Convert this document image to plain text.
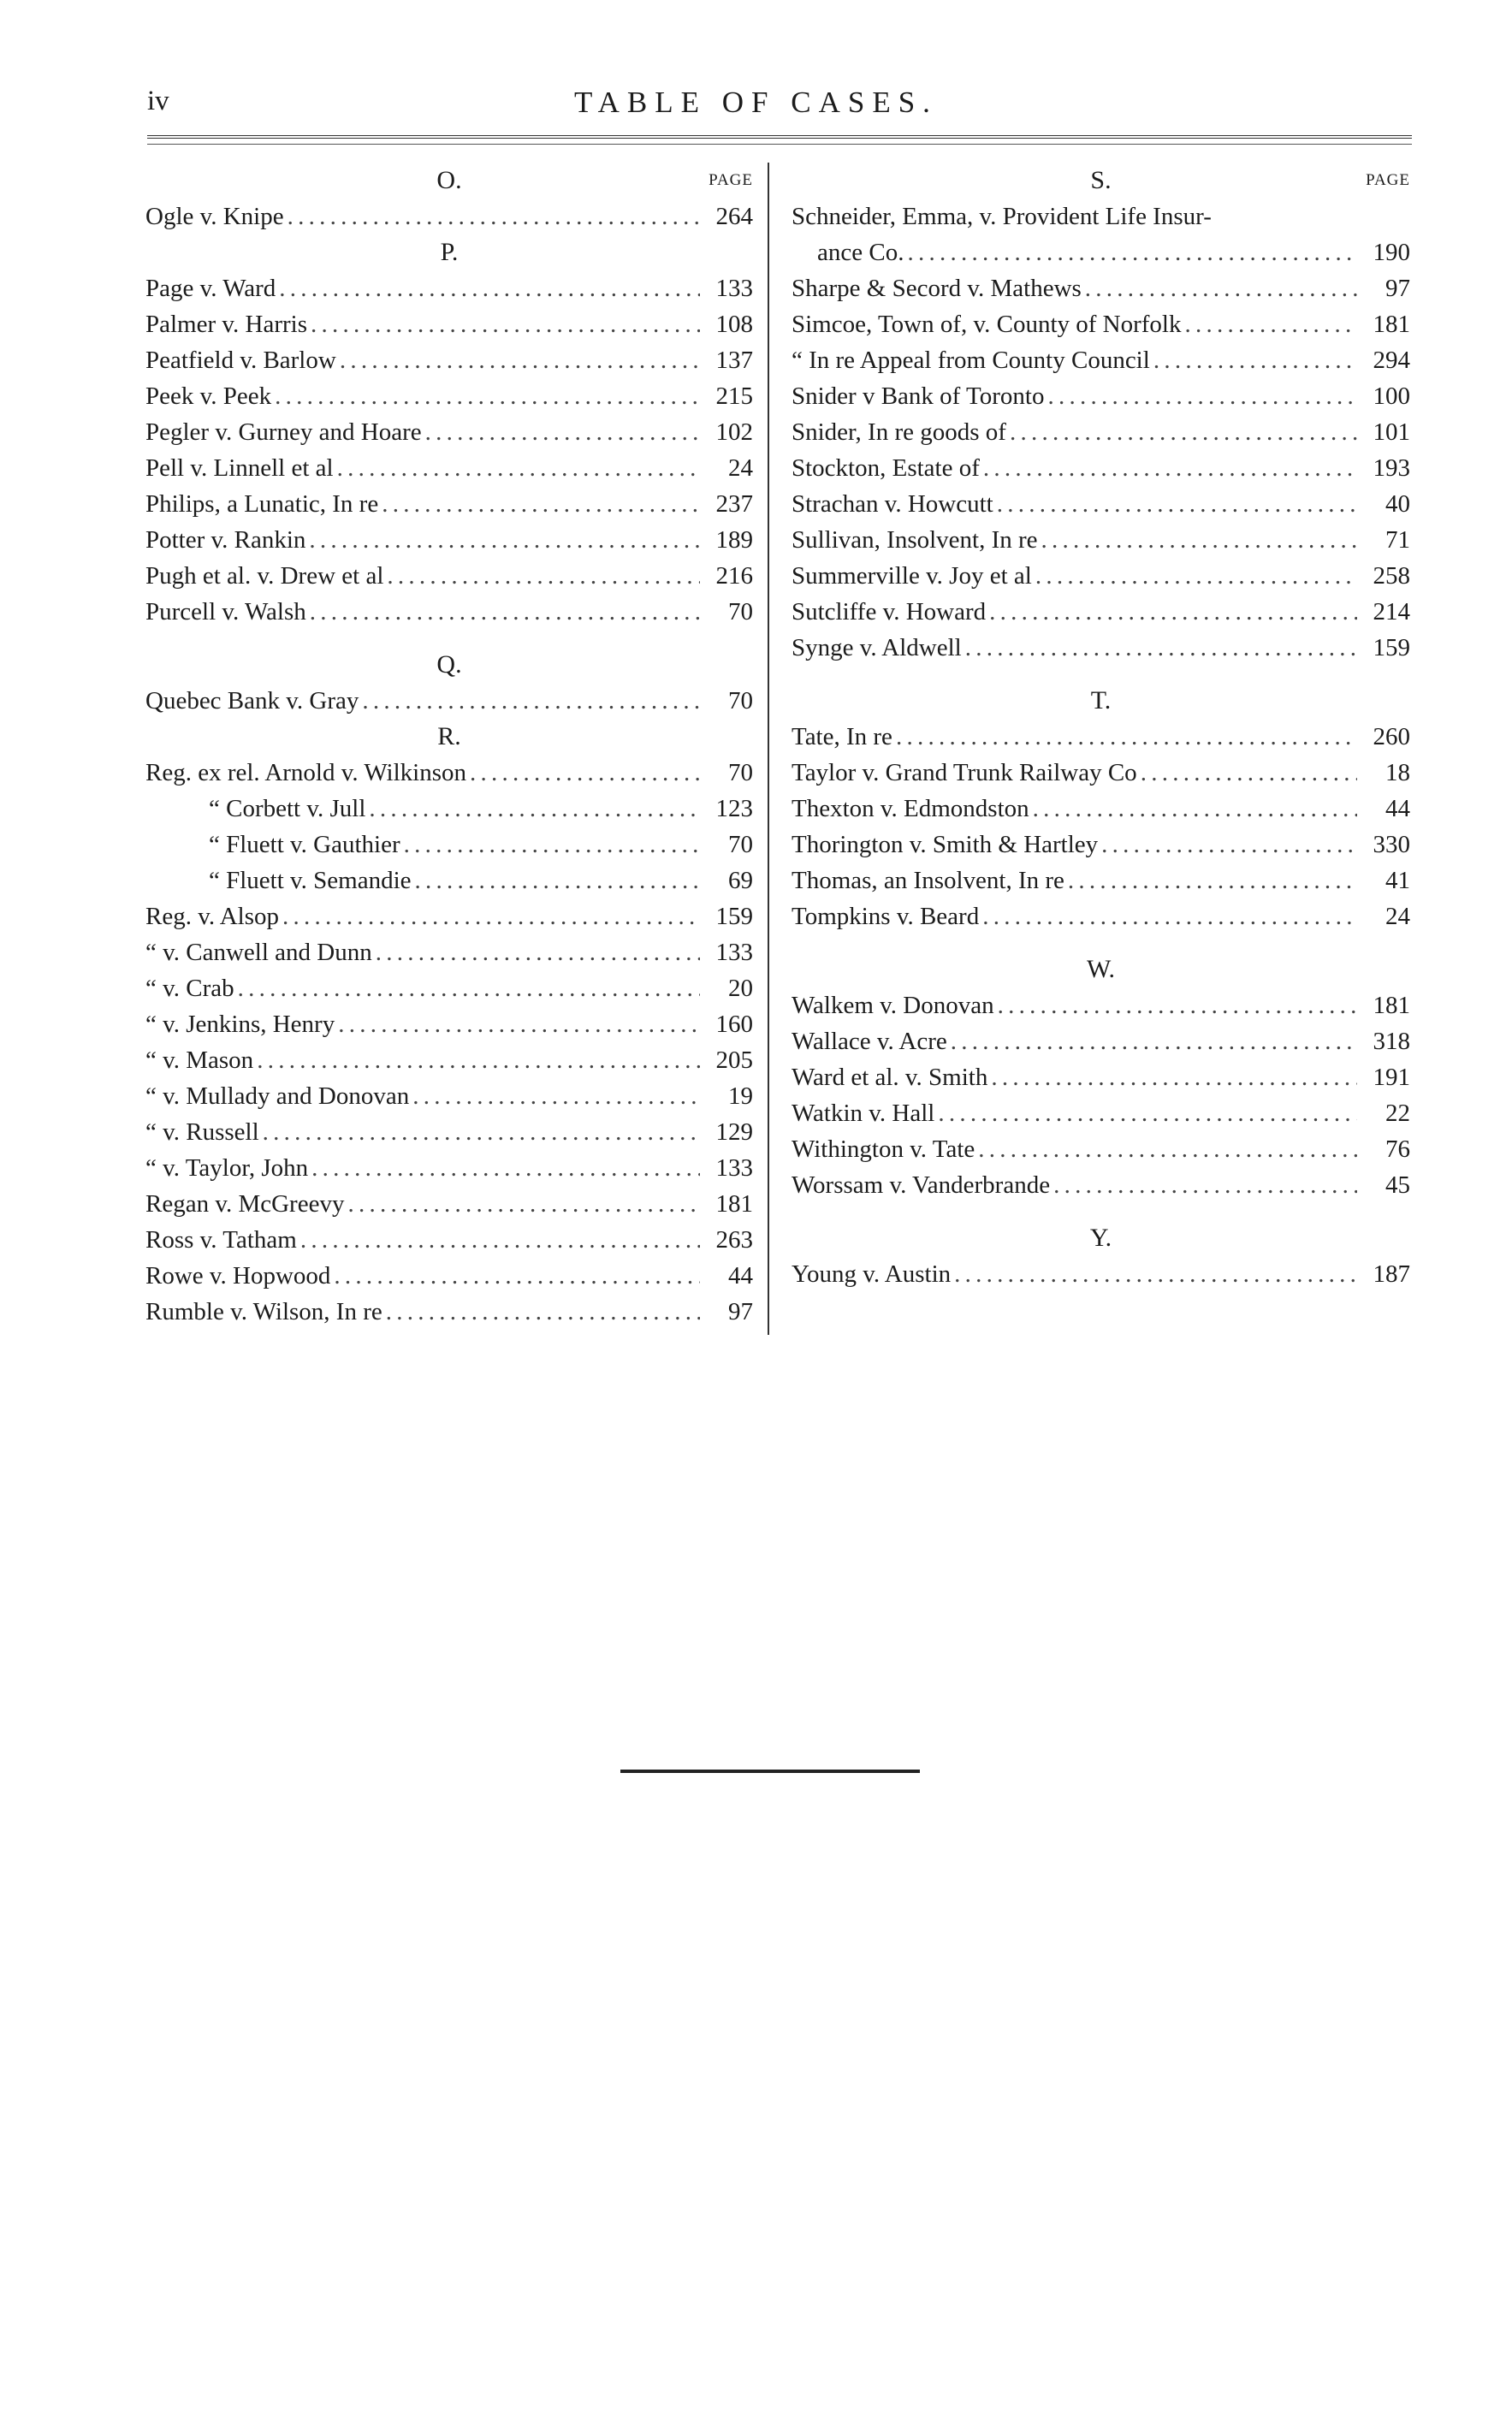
iv	TABLE OF CASES.
O.	PAGE
Ogle v. Knipe . . .	264
P.
Page v. Ward . . .	133
Palmer v. Harris . . .	108
Peatfield v. Barlow . . .	137
Peek v. Peek . . .	215
Pegler v. Gurney and Hoare . . .	102
Pell v. Linnell et al . . .	24
Philips, a Lunatic, In re . . .	237
Potter v. Rankin . . .	189
Pugh et al. v. Drew et al . . .	216
Purcell v. Walsh . . .	70
Q.
Quebec Bank v. Gray . . .	70
R.
Reg. ex rel. Arnold v. Wilkinson . . .	70
“ Corbett v. Jull . . .	123
“ Fluett v. Gauthier . . .	70
“ Fluett v. Semandie . . .	69
Reg. v. Alsop . . .	159
“ v. Canwell and Dunn . . .	133
“ v. Crab . . .	20
“ v. Jenkins, Henry . . .	160
“ v. Mason . . .	205
“ v. Mullady and Donovan . . .	19
“ v. Russell . . .	129
“ v. Taylor, John . . .	133
Regan v. McGreevy . . .	181
Ross v. Tatham . . .	263
Rowe v. Hopwood . . .	44
Rumble v. Wilson, In re . . .	97
S.	PAGE
Schneider, Emma, v. Provident Life Insur-
ance Co. . . .	190
Sharpe & Secord v. Mathews . . .	97
Simcoe, Town of, v. County of Norfolk . . .	181
“ In re Appeal from County Council . . .	294
Snider v Bank of Toronto . . .	100
Snider, In re goods of . . .	101
Stockton, Estate of . . .	193
Strachan v. Howcutt . . .	40
Sullivan, Insolvent, In re . . .	71
Summerville v. Joy et al . . .	258
Sutcliffe v. Howard . . .	214
Synge v. Aldwell . . .	159
T.
Tate, In re . . .	260
Taylor v. Grand Trunk Railway Co . . .	18
Thexton v. Edmondston . . .	44
Thorington v. Smith & Hartley . . .	330
Thomas, an Insolvent, In re . . .	41
Tompkins v. Beard . . .	24
W.
Walkem v. Donovan . . .	181
Wallace v. Acre . . .	318
Ward et al. v. Smith . . .	191
Watkin v. Hall . . .	22
Withington v. Tate . . .	76
Worssam v. Vanderbrande . . .	45
Y.
Young v. Austin . . .	187
